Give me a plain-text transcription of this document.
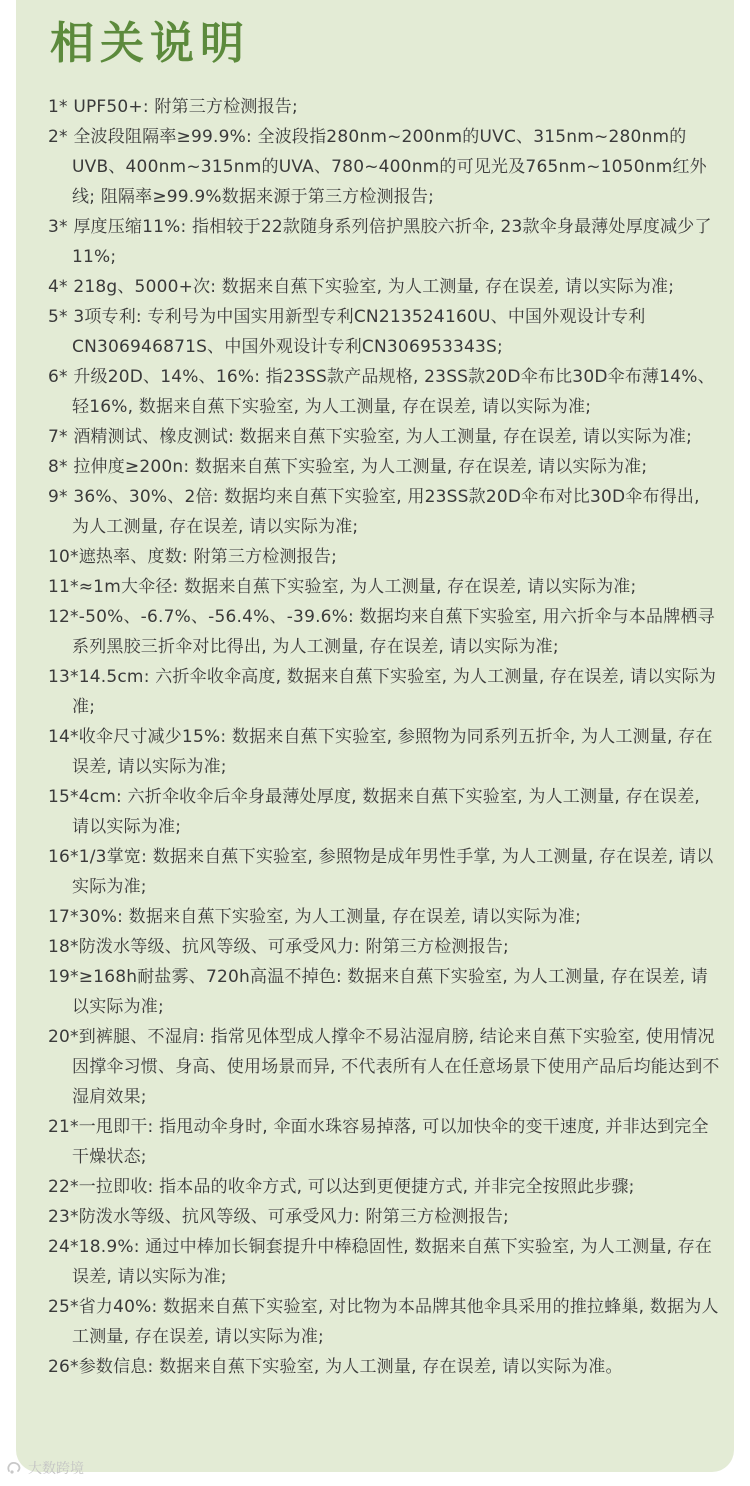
相关说明
1* UPF50+: 附第三方检测报告;
2* 全波段阻隔率≥99.9%: 全波段指280nm~200nm的UVC、315nm~280nm的UVB、400nm~315nm的UVA、780~400nm的可见光及765nm~1050nm红外线; 阻隔率≥99.9%数据来源于第三方检测报告;
3* 厚度压缩11%: 指相较于22款随身系列倍护黑胶六折伞, 23款伞身最薄处厚度减少了11%;
4* 218g、5000+次: 数据来自蕉下实验室, 为人工测量, 存在误差, 请以实际为准;
5* 3项专利: 专利号为中国实用新型专利CN213524160U、中国外观设计专利CN306946871S、中国外观设计专利CN306953343S;
6* 升级20D、14%、16%: 指23SS款产品规格, 23SS款20D伞布比30D伞布薄14%、轻16%, 数据来自蕉下实验室, 为人工测量, 存在误差, 请以实际为准;
7* 酒精测试、橡皮测试: 数据来自蕉下实验室, 为人工测量, 存在误差, 请以实际为准;
8* 拉伸度≥200n: 数据来自蕉下实验室, 为人工测量, 存在误差, 请以实际为准;
9* 36%、30%、2倍: 数据均来自蕉下实验室, 用23SS款20D伞布对比30D伞布得出, 为人工测量, 存在误差, 请以实际为准;
10*遮热率、度数: 附第三方检测报告;
11*≈1m大伞径: 数据来自蕉下实验室, 为人工测量, 存在误差, 请以实际为准;
12*-50%、-6.7%、-56.4%、-39.6%: 数据均来自蕉下实验室, 用六折伞与本品牌栖寻系列黑胶三折伞对比得出, 为人工测量, 存在误差, 请以实际为准;
13*14.5cm: 六折伞收伞高度, 数据来自蕉下实验室, 为人工测量, 存在误差, 请以实际为准;
14*收伞尺寸减少15%: 数据来自蕉下实验室, 参照物为同系列五折伞, 为人工测量, 存在误差, 请以实际为准;
15*4cm: 六折伞收伞后伞身最薄处厚度, 数据来自蕉下实验室, 为人工测量, 存在误差, 请以实际为准;
16*1/3掌宽: 数据来自蕉下实验室, 参照物是成年男性手掌, 为人工测量, 存在误差, 请以实际为准;
17*30%: 数据来自蕉下实验室, 为人工测量, 存在误差, 请以实际为准;
18*防泼水等级、抗风等级、可承受风力: 附第三方检测报告;
19*≥168h耐盐雾、720h高温不掉色: 数据来自蕉下实验室, 为人工测量, 存在误差, 请以实际为准;
20*到裤腿、不湿肩: 指常见体型成人撑伞不易沾湿肩膀, 结论来自蕉下实验室, 使用情况因撑伞习惯、身高、使用场景而异, 不代表所有人在任意场景下使用产品后均能达到不湿肩效果;
21*一甩即干: 指甩动伞身时, 伞面水珠容易掉落, 可以加快伞的变干速度, 并非达到完全干燥状态;
22*一拉即收: 指本品的收伞方式, 可以达到更便捷方式, 并非完全按照此步骤;
23*防泼水等级、抗风等级、可承受风力: 附第三方检测报告;
24*18.9%: 通过中棒加长铜套提升中棒稳固性, 数据来自蕉下实验室, 为人工测量, 存在误差, 请以实际为准;
25*省力40%: 数据来自蕉下实验室, 对比物为本品牌其他伞具采用的推拉蜂巢, 数据为人工测量, 存在误差, 请以实际为准;
26*参数信息: 数据来自蕉下实验室, 为人工测量, 存在误差, 请以实际为准。
大数跨境
